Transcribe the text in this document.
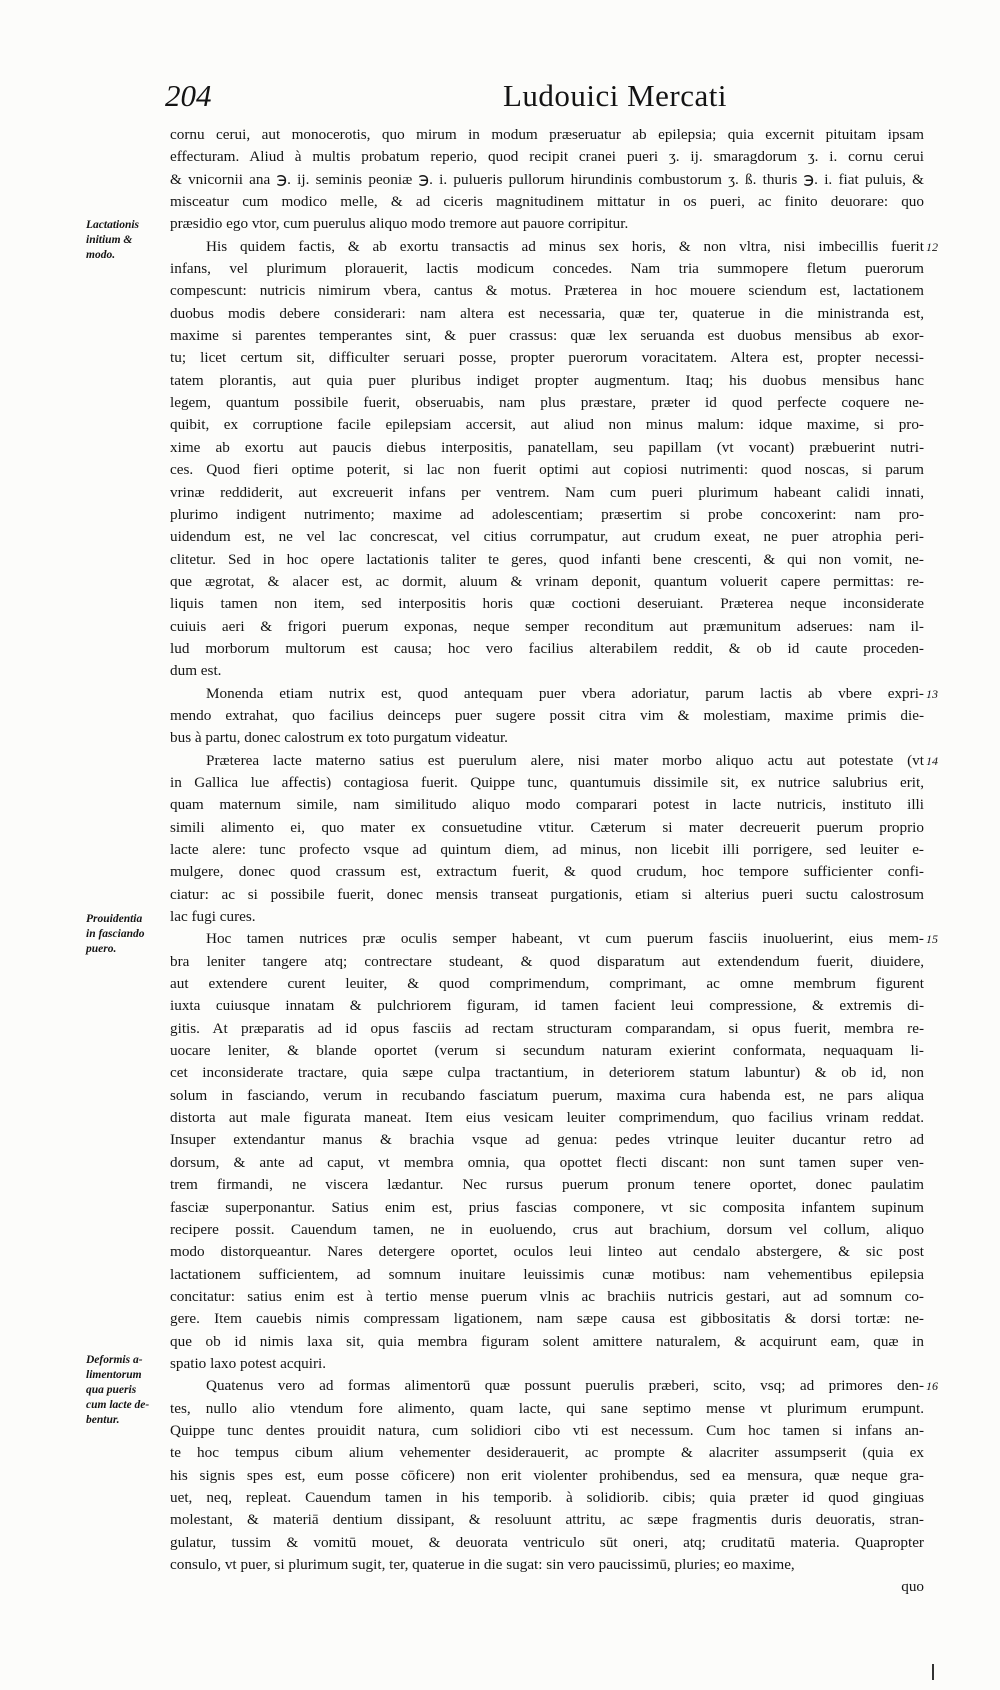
204	Ludouici Mercati
Lactationis
initium &
modo.
Prouidentia
in fasciando
puero.
Deformis a-
limentorum
qua pueris
cum lacte de-
bentur.
cornu cerui, aut monocerotis, quo mirum in modum præseruatur ab epilepsia; quia excernit pituitam ipsam
effecturam. Aliud à multis probatum reperio, quod recipit cranei pueri ʒ. ij. smaragdorum ʒ. i. cornu cerui
& vnicornii ana ℈. ij. seminis peoniæ ℈. i. pulueris pullorum hirundinis combustorum ʒ. ß. thuris ℈. i. fiat puluis, &
misceatur cum modico melle, & ad ciceris magnitudinem mittatur in os pueri, ac finito deuorare: quo
præsidio ego vtor, cum puerulus aliquo modo tremore aut pauore corripitur.
12
His quidem factis, & ab exortu transactis ad minus sex horis, & non vltra, nisi imbecillis fuerit
infans, vel plurimum plorauerit, lactis modicum concedes. Nam tria summopere fletum puerorum
compescunt: nutricis nimirum vbera, cantus & motus. Præterea in hoc mouere sciendum est, lactationem
duobus modis debere considerari: nam altera est necessaria, quæ ter, quaterue in die ministranda est,
maxime si parentes temperantes sint, & puer crassus: quæ lex seruanda est duobus mensibus ab exor-
tu; licet certum sit, difficulter seruari posse, propter puerorum voracitatem. Altera est, propter necessi-
tatem plorantis, aut quia puer pluribus indiget propter augmentum. Itaq; his duobus mensibus hanc
legem, quantum possibile fuerit, obseruabis, nam plus præstare, præter id quod perfecte coquere ne-
quibit, ex corruptione facile epilepsiam accersit, aut aliud non minus malum: idque maxime, si pro-
xime ab exortu aut paucis diebus interpositis, panatellam, seu papillam (vt vocant) præbuerint nutri-
ces. Quod fieri optime poterit, si lac non fuerit optimi aut copiosi nutrimenti: quod noscas, si parum
vrinæ reddiderit, aut excreuerit infans per ventrem. Nam cum pueri plurimum habeant calidi innati,
plurimo indigent nutrimento; maxime ad adolescentiam; præsertim si probe concoxerint: nam pro-
uidendum est, ne vel lac concrescat, vel citius corrumpatur, aut crudum exeat, ne puer atrophia peri-
clitetur. Sed in hoc opere lactationis taliter te geres, quod infanti bene crescenti, & qui non vomit, ne-
que ægrotat, & alacer est, ac dormit, aluum & vrinam deponit, quantum voluerit capere permittas: re-
liquis tamen non item, sed interpositis horis quæ coctioni deseruiant. Præterea neque inconsiderate
cuiuis aeri & frigori puerum exponas, neque semper reconditum aut præmunitum adserues: nam il-
lud morborum multorum est causa; hoc vero facilius alterabilem reddit, & ob id caute proceden-
dum est.
13
Monenda etiam nutrix est, quod antequam puer vbera adoriatur, parum lactis ab vbere expri-
mendo extrahat, quo facilius deinceps puer sugere possit citra vim & molestiam, maxime primis die-
bus à partu, donec calostrum ex toto purgatum videatur.
14
Præterea lacte materno satius est puerulum alere, nisi mater morbo aliquo actu aut potestate (vt
in Gallica lue affectis) contagiosa fuerit. Quippe tunc, quantumuis dissimile sit, ex nutrice salubrius erit,
quam maternum simile, nam similitudo aliquo modo comparari potest in lacte nutricis, instituto illi
simili alimento ei, quo mater ex consuetudine vtitur. Cæterum si mater decreuerit puerum proprio
lacte alere: tunc profecto vsque ad quintum diem, ad minus, non licebit illi porrigere, sed leuiter e-
mulgere, donec quod crassum est, extractum fuerit, & quod crudum, hoc tempore sufficienter confi-
ciatur: ac si possibile fuerit, donec mensis transeat purgationis, etiam si alterius pueri suctu calostrosum
lac fugi cures.
15
Hoc tamen nutrices præ oculis semper habeant, vt cum puerum fasciis inuoluerint, eius mem-
bra leniter tangere atq; contrectare studeant, & quod disparatum aut extendendum fuerit, diuidere,
aut extendere curent leuiter, & quod comprimendum, comprimant, ac omne membrum figurent
iuxta cuiusque innatam & pulchriorem figuram, id tamen facient leui compressione, & extremis di-
gitis. At præparatis ad id opus fasciis ad rectam structuram comparandam, si opus fuerit, membra re-
uocare leniter, & blande oportet (verum si secundum naturam exierint conformata, nequaquam li-
cet inconsiderate tractare, quia sæpe culpa tractantium, in deteriorem statum labuntur) & ob id, non
solum in fasciando, verum in recubando fasciatum puerum, maxima cura habenda est, ne pars aliqua
distorta aut male figurata maneat. Item eius vesicam leuiter comprimendum, quo facilius vrinam reddat.
Insuper extendantur manus & brachia vsque ad genua: pedes vtrinque leuiter ducantur retro ad
dorsum, & ante ad caput, vt membra omnia, qua opottet flecti discant: non sunt tamen super ven-
trem firmandi, ne viscera lædantur. Nec rursus puerum pronum tenere oportet, donec paulatim
fasciæ superponantur. Satius enim est, prius fascias componere, vt sic composita infantem supinum
recipere possit. Cauendum tamen, ne in euoluendo, crus aut brachium, dorsum vel collum, aliquo
modo distorqueantur. Nares detergere oportet, oculos leui linteo aut cendalo abstergere, & sic post
lactationem sufficientem, ad somnum inuitare leuissimis cunæ motibus: nam vehementibus epilepsia
concitatur: satius enim est à tertio mense puerum vlnis ac brachiis nutricis gestari, aut ad somnum co-
gere. Item cauebis nimis compressam ligationem, nam sæpe causa est gibbositatis & dorsi tortæ: ne-
que ob id nimis laxa sit, quia membra figuram solent amittere naturalem, & acquirunt eam, quæ in
spatio laxo potest acquiri.
16
Quatenus vero ad formas alimentorū quæ possunt puerulis præberi, scito, vsq; ad primores den-
tes, nullo alio vtendum fore alimento, quam lacte, qui sane septimo mense vt plurimum erumpunt.
Quippe tunc dentes prouidit natura, cum solidiori cibo vti est necessum. Cum hoc tamen si infans an-
te hoc tempus cibum alium vehementer desiderauerit, ac prompte & alacriter assumpserit (quia ex
his signis spes est, eum posse cōficere) non erit violenter prohibendus, sed ea mensura, quæ neque gra-
uet, neq, repleat. Cauendum tamen in his temporib. à solidiorib. cibis; quia præter id quod gingiuas
molestant, & materiā dentium dissipant, & resoluunt attritu, ac sæpe fragmentis duris deuoratis, stran-
gulatur, tussim & vomitū mouet, & deuorata ventriculo sūt oneri, atq; cruditatū materia. Quapropter
consulo, vt puer, si plurimum sugit, ter, quaterue in die sugat: sin vero paucissimū, pluries; eo maxime,
quo
